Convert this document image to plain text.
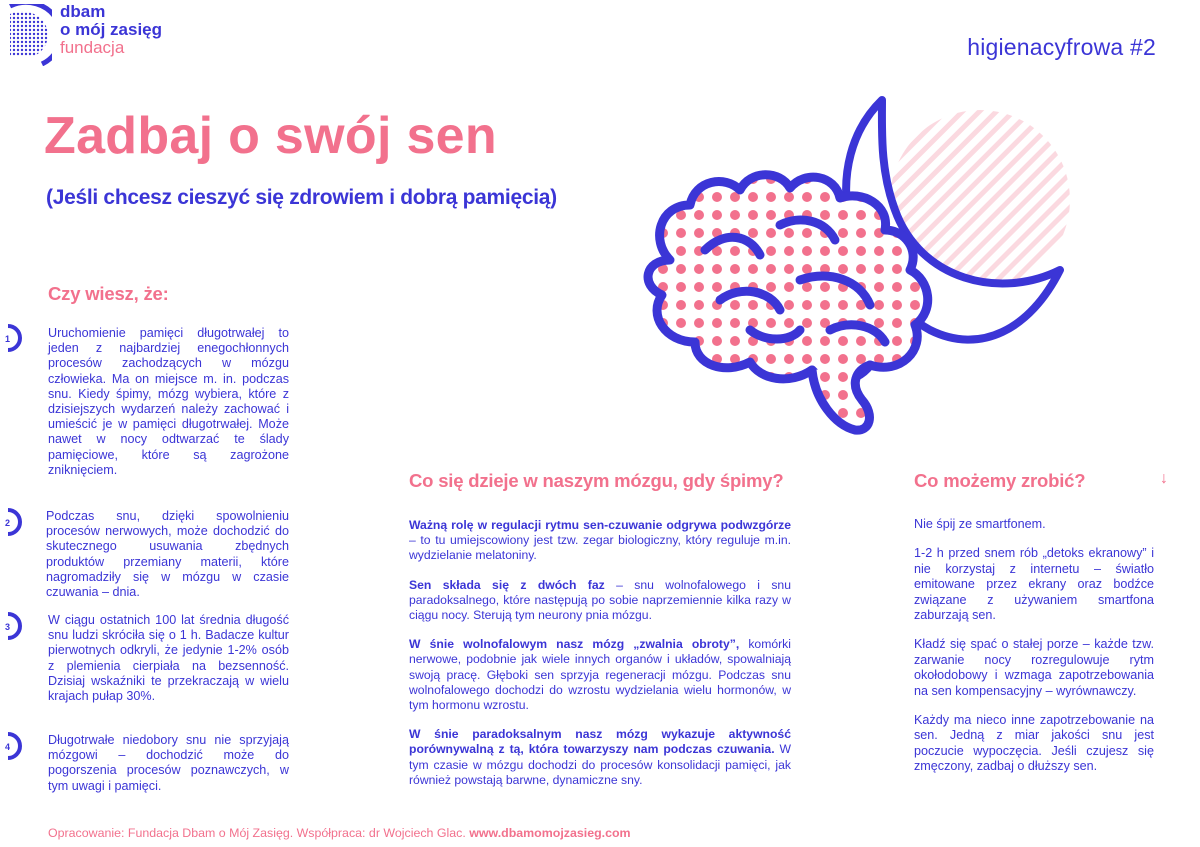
dbam
o mój zasięg
fundacja	higienacyfrowa #2
Zadbaj o swój sen
(Jeśli chcesz cieszyć się zdrowiem i dobrą pamięcią)
Czy wiesz, że:
1	Uruchomienie pamięci długotrwałej to jeden z najbardziej enegochłonnych procesów zachodzących w mózgu człowieka. Ma on miejsce m. in. podczas snu. Kiedy śpimy, mózg wybiera, które z dzisiejszych wydarzeń należy zachować i umieścić je w pamięci długotrwałej. Może nawet w nocy odtwarzać te ślady pamięciowe, które są zagrożone zniknięciem.
2	Podczas snu, dzięki spowolnieniu procesów nerwowych, może dochodzić do skutecznego usuwania zbędnych produktów przemiany materii, które nagromadziły się w mózgu w czasie czuwania – dnia.
3	W ciągu ostatnich 100 lat średnia długość snu ludzi skróciła się o 1 h. Badacze kultur pierwotnych odkryli, że jedynie 1-2% osób z plemienia cierpiała na bezsenność. Dzisiaj wskaźniki te przekraczają w wielu krajach pułap 30%.
4	Długotrwałe niedobory snu nie sprzyjają mózgowi – dochodzić może do pogorszenia procesów poznawczych, w tym uwagi i pamięci.
Co się dzieje w naszym mózgu, gdy śpimy?

Ważną rolę w regulacji rytmu sen-czuwanie odgrywa podwzgórze – to tu umiejscowiony jest tzw. zegar biologiczny, który reguluje m.in. wydzielanie melatoniny.

Sen składa się z dwóch faz – snu wolnofalowego i snu paradoksalnego, które następują po sobie naprzemiennie kilka razy w ciągu nocy. Sterują tym neurony pnia mózgu.

W śnie wolnofalowym nasz mózg „zwalnia obroty”, komórki nerwowe, podobnie jak wiele innych organów i układów, spowalniają swoją pracę. Głęboki sen sprzyja regeneracji mózgu. Podczas snu wolnofalowego dochodzi do wzrostu wydzielania wielu hormonów, w tym hormonu wzrostu.

W śnie paradoksalnym nasz mózg wykazuje aktywność porównywalną z tą, która towarzyszy nam podczas czuwania. W tym czasie w mózgu dochodzi do procesów konsolidacji pamięci, jak również powstają barwne, dynamiczne sny.

Co możemy zrobić?	↓

Nie śpij ze smartfonem.

1-2 h przed snem rób „detoks ekranowy” i nie korzystaj z internetu – światło emitowane przez ekrany oraz bodźce związane z używaniem smartfona zaburzają sen.

Kładź się spać o stałej porze – każde tzw. zarwanie nocy rozregulowuje rytm okołodobowy i wzmaga zapotrzebowania na sen kompensacyjny – wyrównawczy.

Każdy ma nieco inne zapotrzebowanie na sen. Jedną z miar jakości snu jest poczucie wypoczęcia. Jeśli czujesz się zmęczony, zadbaj o dłuższy sen.

Opracowanie: Fundacja Dbam o Mój Zasięg. Współpraca: dr Wojciech Glac. www.dbamomojzasieg.com
